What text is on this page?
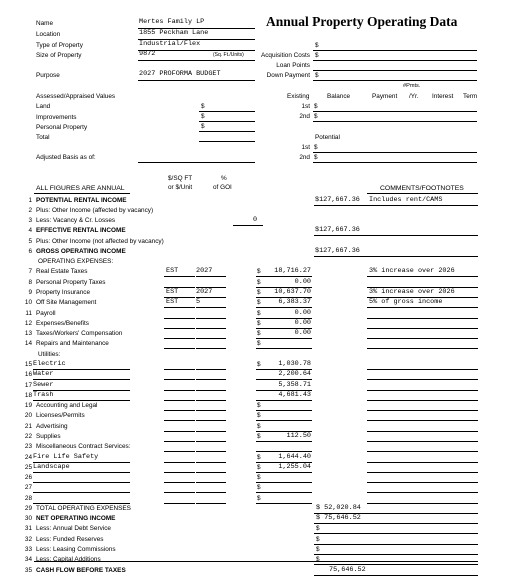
Annual Property Operating Data
Name	Mertes Family LP
Location	1855 Peckham Lane
Type of Property	Industrial/Flex
Size of Property	9872	(Sq. Ft./Units)
Purpose	2027 PROFORMA BUDGET
$
Acquisition Costs $
Loan Points
Down Payment $
Assessed/Appraised Values
Land	$
Improvements	$
Personal Property	$
Total
#Pmts.
Existing	Balance	Payment /Yr. Interest Term
1st $
2nd $
Potential
1st $
2nd $
Adjusted Basis as of:
$/SQ FT
or $/Unit
%
of GOI
ALL FIGURES ARE ANNUAL	COMMENTS/FOOTNOTES
1 POTENTIAL RENTAL INCOME	$127,667.36 Includes rent/CAMS
2 Plus: Other Income (affected by vacancy)
3 Less: Vacancy & Cr. Losses	0
4 EFFECTIVE RENTAL INCOME	$127,667.36
5 Plus: Other Income (not affected by vacancy)
6 GROSS OPERATING INCOME	$127,667.36
OPERATING EXPENSES:
7 Real Estate Taxes	EST	2027	$	18,716.27	3% increase over 2026
8 Personal Property Taxes	$	0.00
9 Property Insurance	EST	2027	$	10,637.70	3% increase over 2026
10 Off Site Management	EST	5	$	6,383.37	5% of gross income
11 Payroll	$	0.00
12 Expenses/Benefits	$	0.00
13 Taxes/Workers' Compensation	$	0.00
14 Repairs and Maintenance	$
Utilities:
15 Electric	$	1,030.78
16 Water	2,200.64
17 Sewer	5,358.71
18 Trash	4,681.43
19 Accounting and Legal	$
20 Licenses/Permits	$
21 Advertising	$
22 Supplies	$	112.50
23 Miscellaneous Contract Services:
24 Fire Life Safety	$	1,644.40
25 Landscape	$	1,255.04
26	$
27	$
28	$
29 TOTAL OPERATING EXPENSES	$ 52,020.84
30 NET OPERATING INCOME	$ 75,646.52
31 Less: Annual Debt Service	$
32 Less: Funded Reserves	$
33 Less: Leasing Commissions	$
34 Less: Capital Additions	$
35 CASH FLOW BEFORE TAXES	75,646.52
